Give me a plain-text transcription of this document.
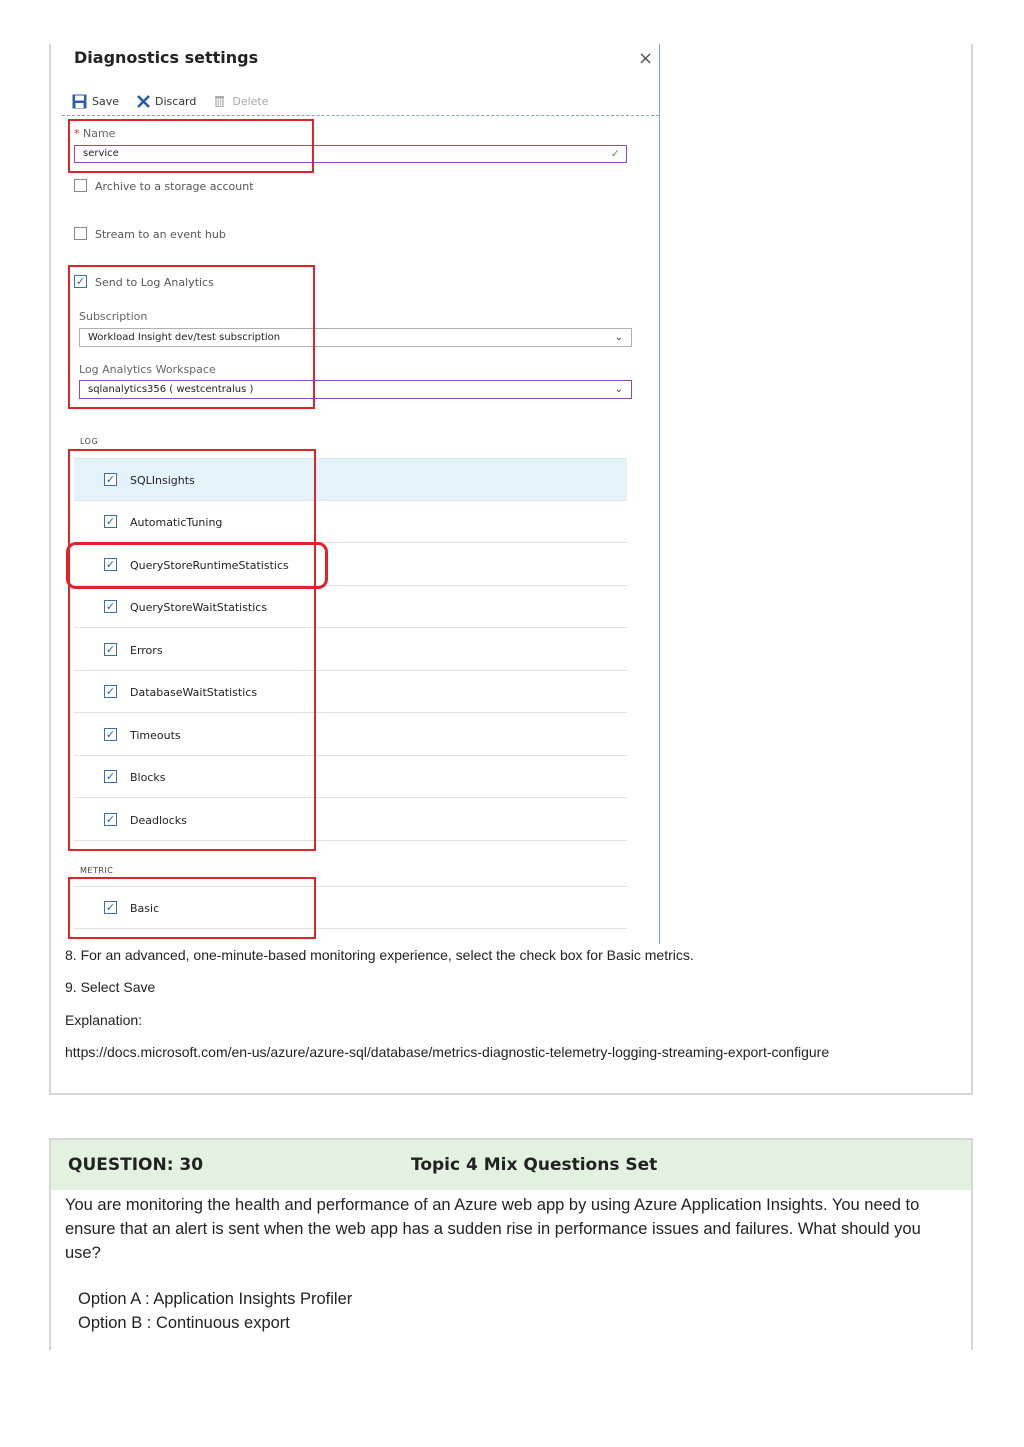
Diagnostics settings	×
Save	Discard	Delete
* Name
service	✓
Archive to a storage account
Stream to an event hub
✓ Send to Log Analytics
Subscription
Workload Insight dev/test subscription	⌄
Log Analytics Workspace
sqlanalytics356 ( westcentralus )	⌄
LOG
✓ SQLInsights
✓ AutomaticTuning
✓ QueryStoreRuntimeStatistics
✓ QueryStoreWaitStatistics
✓ Errors
✓ DatabaseWaitStatistics
✓ Timeouts
✓ Blocks
✓ Deadlocks
METRIC
✓ Basic
8. For an advanced, one-minute-based monitoring experience, select the check box for Basic metrics.
9. Select Save
Explanation:
https://docs.microsoft.com/en-us/azure/azure-sql/database/metrics-diagnostic-telemetry-logging-streaming-export-configure
QUESTION: 30	Topic 4 Mix Questions Set
You are monitoring the health and performance of an Azure web app by using Azure Application Insights. You need to ensure that an alert is sent when the web app has a sudden rise in performance issues and failures. What should you use?
Option A : Application Insights Profiler
Option B : Continuous export
